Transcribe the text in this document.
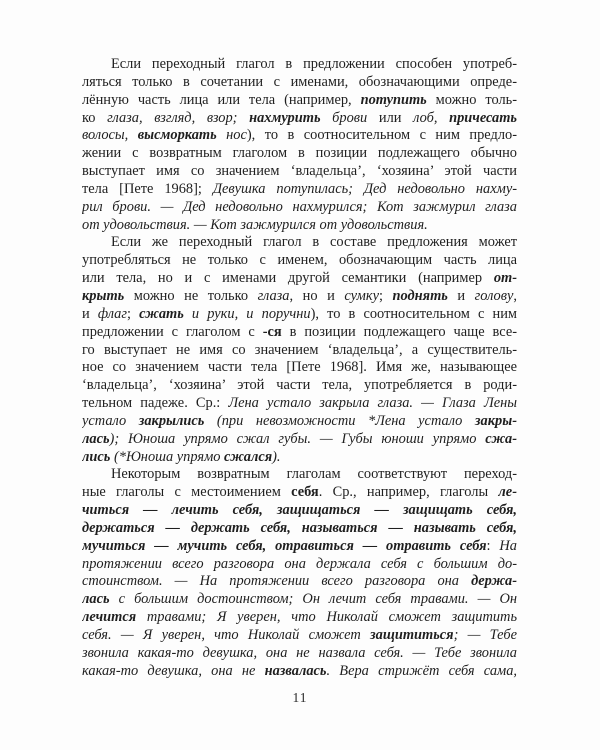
Если переходный глагол в предложении способен употреб-
ляться только в сочетании с именами, обозначающими опреде-
лённую часть лица или тела (например, потупить можно толь-
ко глаза, взгляд, взор; нахмурить брови или лоб, причесать
волосы, высморкать нос), то в соотносительном с ним предло-
жении с возвратным глаголом в позиции подлежащего обычно
выступает имя со значением ‘владельца’, ‘хозяина’ этой части
тела [Пете 1968]; Девушка потупилась; Дед недовольно нахму-
рил брови. — Дед недовольно нахмурился; Кот зажмурил глаза
от удовольствия. — Кот зажмурился от удовольствия.
Если же переходный глагол в составе предложения может
употребляться не только с именем, обозначающим часть лица
или тела, но и с именами другой семантики (например от-
крыть можно не только глаза, но и сумку; поднять и голову,
и флаг; сжать и руки, и поручни), то в соотносительном с ним
предложении с глаголом с -ся в позиции подлежащего чаще все-
го выступает не имя со значением ‘владельца’, а существитель-
ное со значением части тела [Пете 1968]. Имя же, называющее
‘владельца’, ‘хозяина’ этой части тела, употребляется в роди-
тельном падеже. Ср.: Лена устало закрыла глаза. — Глаза Лены
устало закрылись (при невозможности *Лена устало закры-
лась); Юноша упрямо сжал губы. — Губы юноши упрямо сжа-
лись (*Юноша упрямо сжался).
Некоторым возвратным глаголам соответствуют переход-
ные глаголы с местоимением себя. Ср., например, глаголы ле-
читься — лечить себя, защищаться — защищать себя,
держаться — держать себя, называться — называть себя,
мучиться — мучить себя, отравиться — отравить себя: На
протяжении всего разговора она держала себя с большим до-
стоинством. — На протяжении всего разговора она держа-
лась с большим достоинством; Он лечит себя травами. — Он
лечится травами; Я уверен, что Николай сможет защитить
себя. — Я уверен, что Николай сможет защититься; — Тебе
звонила какая-то девушка, она не назвала себя. — Тебе звонила
какая-то девушка, она не назвалась. Вера стрижёт себя сама,
11
